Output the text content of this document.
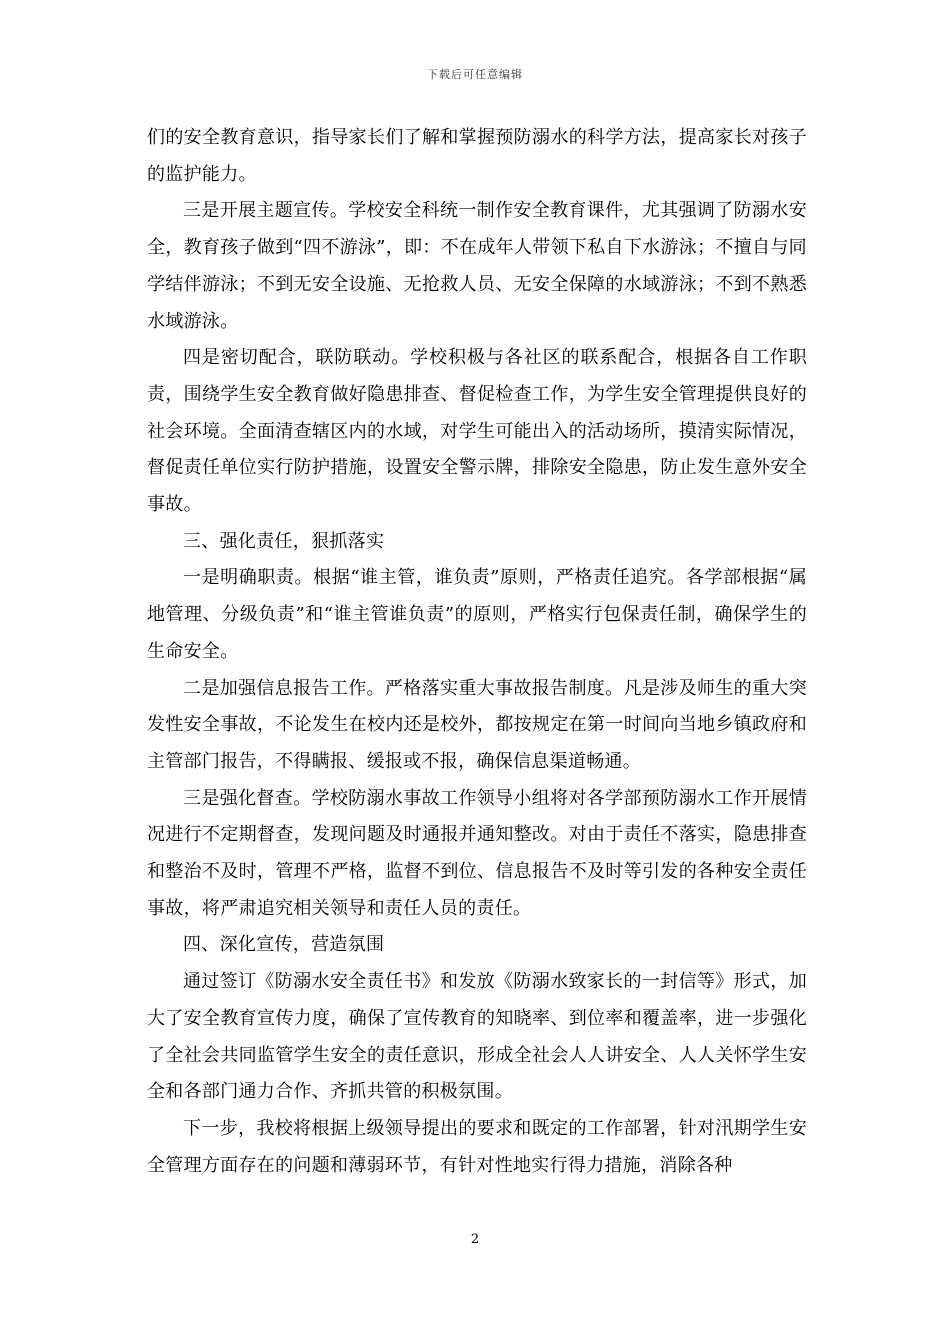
下载后可任意编辑

们的安全教育意识，指导家长们了解和掌握预防溺水的科学方法，提高家长对孩子的监护能力。

三是开展主题宣传。学校安全科统一制作安全教育课件，尤其强调了防溺水安全，教育孩子做到“四不游泳”，即：不在成年人带领下私自下水游泳；不擅自与同学结伴游泳；不到无安全设施、无抢救人员、无安全保障的水域游泳；不到不熟悉水域游泳。

四是密切配合，联防联动。学校积极与各社区的联系配合，根据各自工作职责，围绕学生安全教育做好隐患排查、督促检查工作，为学生安全管理提供良好的社会环境。全面清查辖区内的水域，对学生可能出入的活动场所，摸清实际情况，督促责任单位实行防护措施，设置安全警示牌，排除安全隐患，防止发生意外安全事故。

三、强化责任，狠抓落实

一是明确职责。根据“谁主管，谁负责”原则，严格责任追究。各学部根据“属地管理、分级负责”和“谁主管谁负责”的原则，严格实行包保责任制，确保学生的生命安全。

二是加强信息报告工作。严格落实重大事故报告制度。凡是涉及师生的重大突发性安全事故，不论发生在校内还是校外，都按规定在第一时间向当地乡镇政府和主管部门报告，不得瞒报、缓报或不报，确保信息渠道畅通。

三是强化督查。学校防溺水事故工作领导小组将对各学部预防溺水工作开展情况进行不定期督查，发现问题及时通报并通知整改。对由于责任不落实，隐患排查和整治不及时，管理不严格，监督不到位、信息报告不及时等引发的各种安全责任事故，将严肃追究相关领导和责任人员的责任。

四、深化宣传，营造氛围

通过签订《防溺水安全责任书》和发放《防溺水致家长的一封信等》形式，加大了安全教育宣传力度，确保了宣传教育的知晓率、到位率和覆盖率，进一步强化了全社会共同监管学生安全的责任意识，形成全社会人人讲安全、人人关怀学生安全和各部门通力合作、齐抓共管的积极氛围。

下一步，我校将根据上级领导提出的要求和既定的工作部署，针对汛期学生安全管理方面存在的问题和薄弱环节，有针对性地实行得力措施，消除各种

2
